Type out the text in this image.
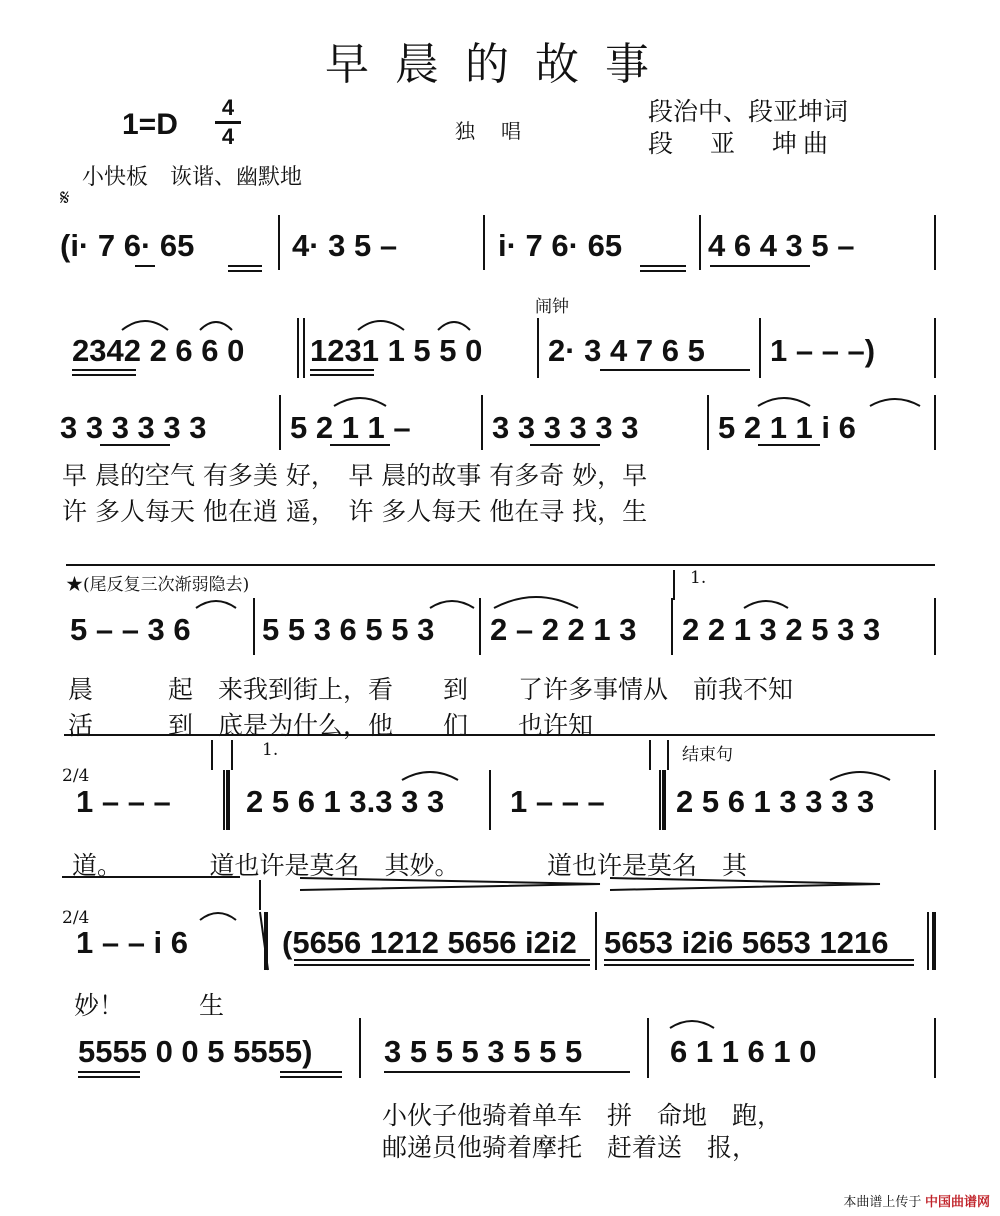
早晨的故事
1=D
4
4	独唱
段治中、段亚坤词
段　亚　坤曲
小快板　诙谐、幽默地
𝄋
(i· 7 6· 65	4· 3 5 –	i· 7 6· 65	4 6 4 3 5 –
闹钟
2342 2 6 6 0 1231 1 5 5 0 2· 3 4 7 6 5 1 – – –)
3 3 3 3 3 3	5 2 1 1 –	3 3 3 3 3 3	5 2 1 1 i 6
早 晨的空气 有多美 好，　早 晨的故事 有多奇 妙，早
许 多人每天 他在逍 遥，　许 多人每天 他在寻 找，生
★(尾反复三次渐弱隐去)	1.
5 – – 3 6 5 5 3 6 5 5 3 2 – 2 2 1 3 2 2 1 3 2 5 3 3
晨　　　起　来我到街上，看　　到　　了许多事情从　前我不知
活　　　到　底是为什么，他　　们　　也许知
1.	结束句
2/4
1 – – – 2 5 6 1 3.3 3 3 1 – – – 2 5 6 1 3 3 3 3
道。　　　　道也许是莫名　其妙。　　　　道也许是莫名　其
2/4
1 – – i 6	(5656 1212 5656 i2i2 5653 i2i6 5653 1216
妙！　　　生
5555 0 0 5 5555) 3 5 5 5 3 5 5 5	6 1 1 6 1 0
小伙子他骑着单车　拼　命地　跑，
邮递员他骑着摩托　赶着送　报，
本曲谱上传于 中国曲谱网
